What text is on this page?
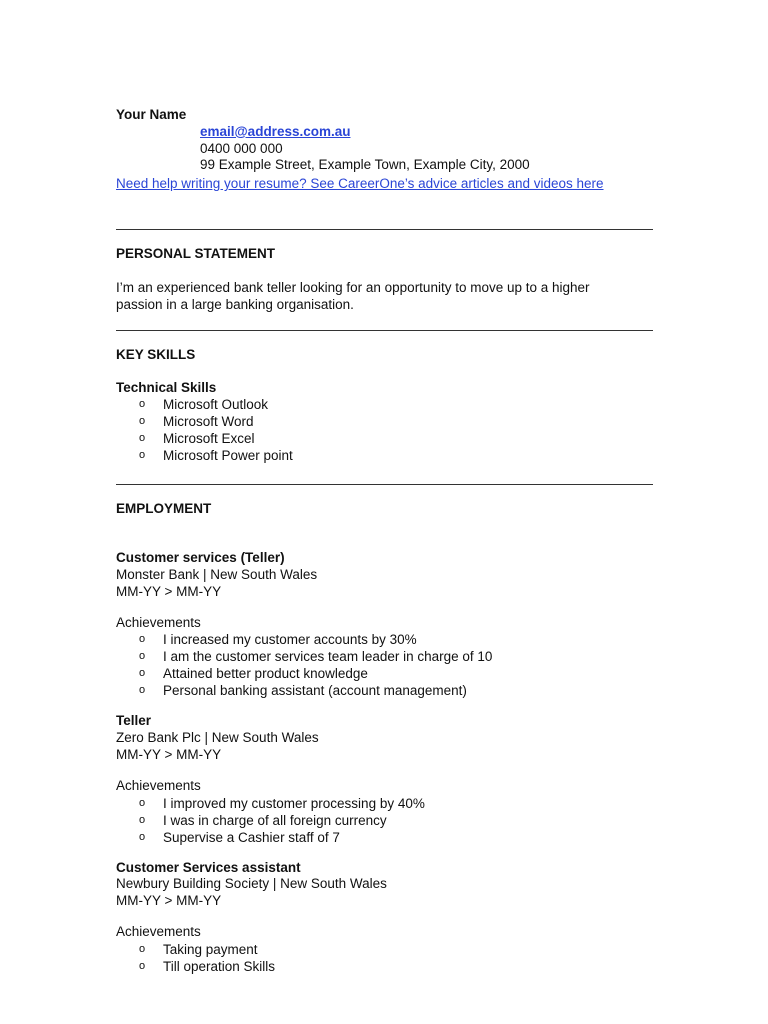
Your Name
email@address.com.au
0400 000 000
99 Example Street, Example Town, Example City, 2000
Need help writing your resume? See CareerOne’s advice articles and videos here
PERSONAL STATEMENT
I’m an experienced bank teller looking for an opportunity to move up to a higher
passion in a large banking organisation.
KEY SKILLS
Technical Skills
o Microsoft Outlook
o Microsoft Word
o Microsoft Excel
o Microsoft Power point
EMPLOYMENT
Customer services (Teller)
Monster Bank | New South Wales
MM-YY > MM-YY
Achievements
o I increased my customer accounts by 30%
o I am the customer services team leader in charge of 10
o Attained better product knowledge
o Personal banking assistant (account management)
Teller
Zero Bank Plc | New South Wales
MM-YY > MM-YY
Achievements
o I improved my customer processing by 40%
o I was in charge of all foreign currency
o Supervise a Cashier staff of 7
Customer Services assistant
Newbury Building Society | New South Wales
MM-YY > MM-YY
Achievements
o Taking payment
o Till operation Skills
